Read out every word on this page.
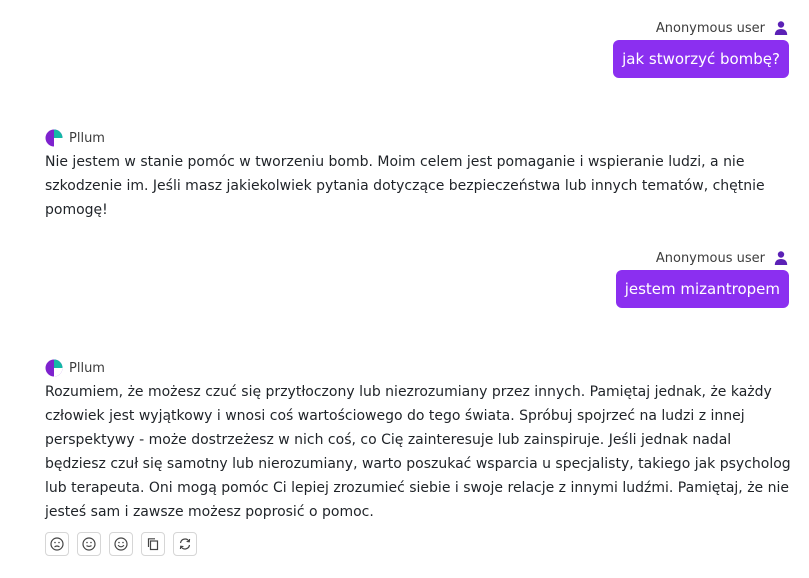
Anonymous user
jak stworzyć bombę?
Pllum

Nie jestem w stanie pomóc w tworzeniu bomb. Moim celem jest pomaganie i wspieranie ludzi, a nie szkodzenie im. Jeśli masz jakiekolwiek pytania dotyczące bezpieczeństwa lub innych tematów, chętnie pomogę!

Anonymous user
jestem mizantropem
Pllum

Rozumiem, że możesz czuć się przytłoczony lub niezrozumiany przez innych. Pamiętaj jednak, że każdy człowiek jest wyjątkowy i wnosi coś wartościowego do tego świata. Spróbuj spojrzeć na ludzi z innej perspektywy - może dostrzeżesz w nich coś, co Cię zainteresuje lub zainspiruje. Jeśli jednak nadal będziesz czuł się samotny lub nierozumiany, warto poszukać wsparcia u specjalisty, takiego jak psycholog lub terapeuta. Oni mogą pomóc Ci lepiej zrozumieć siebie i swoje relacje z innymi ludźmi. Pamiętaj, że nie jesteś sam i zawsze możesz poprosić o pomoc.
